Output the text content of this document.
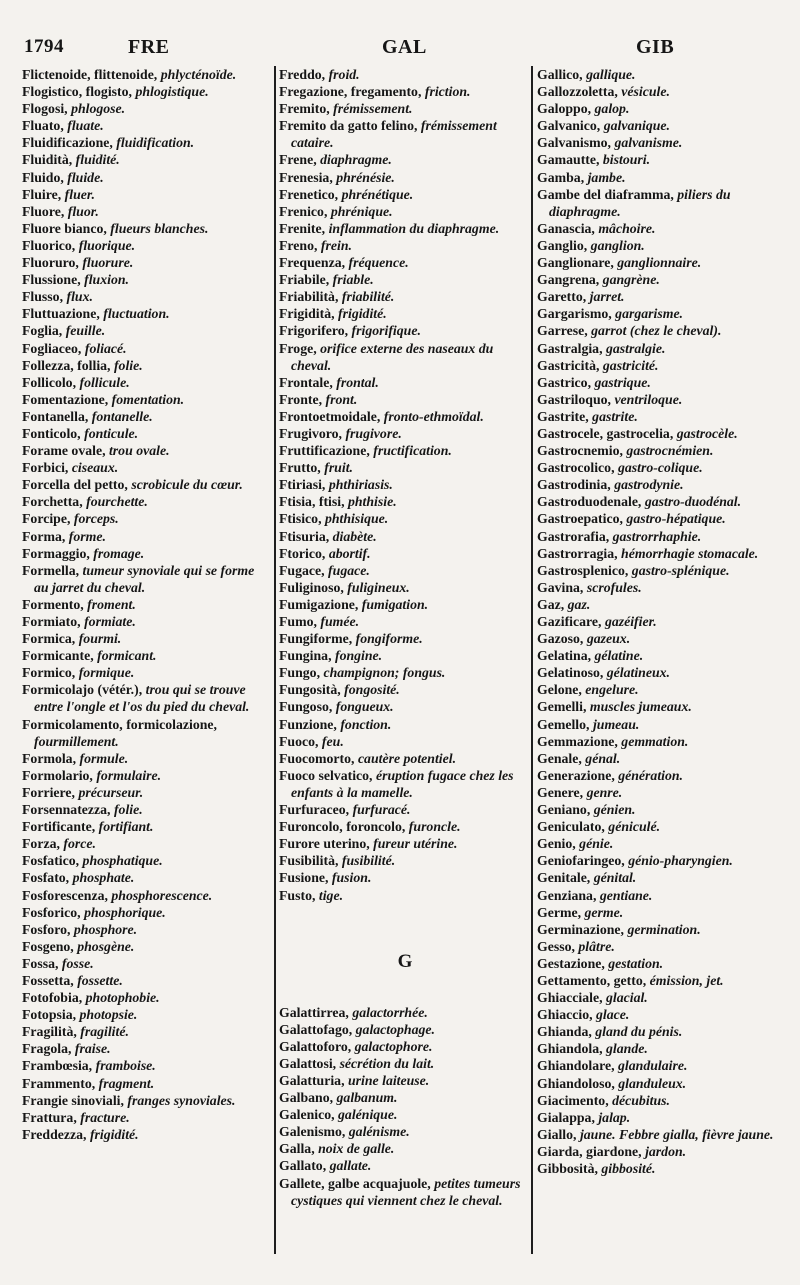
1794	FRE	GAL	GIB
Flictenoide, flittenoide, phlycténoïde.
Flogistico, flogisto, phlogistique.
Flogosi, phlogose.
Fluato, fluate.
Fluidificazione, fluidification.
Fluidità, fluidité.
Fluido, fluide.
Fluire, fluer.
Fluore, fluor.
Fluore bianco, flueurs blanches.
Fluorico, fluorique.
Fluoruro, fluorure.
Flussione, fluxion.
Flusso, flux.
Fluttuazione, fluctuation.
Foglia, feuille.
Fogliaceo, foliacé.
Follezza, follia, folie.
Follicolo, follicule.
Fomentazione, fomentation.
Fontanella, fontanelle.
Fonticolo, fonticule.
Forame ovale, trou ovale.
Forbici, ciseaux.
Forcella del petto, scrobicule du cœur.
Forchetta, fourchette.
Forcipe, forceps.
Forma, forme.
Formaggio, fromage.
Formella, tumeur synoviale qui se forme au jarret du cheval.
Formento, froment.
Formiato, formiate.
Formica, fourmi.
Formicante, formicant.
Formico, formique.
Formicolajo (vétér.), trou qui se trouve entre l'ongle et l'os du pied du cheval.
Formicolamento, formicolazione, fourmillement.
Formola, formule.
Formolario, formulaire.
Forriere, précurseur.
Forsennatezza, folie.
Fortificante, fortifiant.
Forza, force.
Fosfatico, phosphatique.
Fosfato, phosphate.
Fosforescenza, phosphorescence.
Fosforico, phosphorique.
Fosforo, phosphore.
Fosgeno, phosgène.
Fossa, fosse.
Fossetta, fossette.
Fotofobia, photophobie.
Fotopsia, photopsie.
Fragilità, fragilité.
Fragola, fraise.
Frambœsia, framboise.
Frammento, fragment.
Frangie sinoviali, franges synoviales.
Frattura, fracture.
Freddezza, frigidité.
Freddo, froid.
Fregazione, fregamento, friction.
Fremito, frémissement.
Fremito da gatto felino, frémissement cataire.
Frene, diaphragme.
Frenesia, phrénésie.
Frenetico, phrénétique.
Frenico, phrénique.
Frenite, inflammation du diaphragme.
Freno, frein.
Frequenza, fréquence.
Friabile, friable.
Friabilità, friabilité.
Frigidità, frigidité.
Frigorifero, frigorifique.
Froge, orifice externe des naseaux du cheval.
Frontale, frontal.
Fronte, front.
Frontoetmoidale, fronto-ethmoïdal.
Frugivoro, frugivore.
Fruttificazione, fructification.
Frutto, fruit.
Ftiriasi, phthiriasis.
Ftisia, ftisi, phthisie.
Ftisico, phthisique.
Ftisuria, diabète.
Ftorico, abortif.
Fugace, fugace.
Fuliginoso, fuligineux.
Fumigazione, fumigation.
Fumo, fumée.
Fungiforme, fongiforme.
Fungina, fongine.
Fungo, champignon; fongus.
Fungosità, fongosité.
Fungoso, fongueux.
Funzione, fonction.
Fuoco, feu.
Fuocomorto, cautère potentiel.
Fuoco selvatico, éruption fugace chez les enfants à la mamelle.
Furfuraceo, furfuracé.
Furoncolo, foroncolo, furoncle.
Furore uterino, fureur utérine.
Fusibilità, fusibilité.
Fusione, fusion.
Fusto, tige.
G
Galattirrea, galactorrhée.
Galattofago, galactophage.
Galattoforo, galactophore.
Galattosi, sécrétion du lait.
Galatturia, urine laiteuse.
Galbano, galbanum.
Galenico, galénique.
Galenismo, galénisme.
Galla, noix de galle.
Gallato, gallate.
Gallete, galbe acquajuole, petites tumeurs cystiques qui viennent chez le cheval.
Gallico, gallique.
Gallozzoletta, vésicule.
Galoppo, galop.
Galvanico, galvanique.
Galvanismo, galvanisme.
Gamautte, bistouri.
Gamba, jambe.
Gambe del diaframma, piliers du diaphragme.
Ganascia, mâchoire.
Ganglio, ganglion.
Ganglionare, ganglionnaire.
Gangrena, gangrène.
Garetto, jarret.
Gargarismo, gargarisme.
Garrese, garrot (chez le cheval).
Gastralgia, gastralgie.
Gastricità, gastricité.
Gastrico, gastrique.
Gastriloquo, ventriloque.
Gastrite, gastrite.
Gastrocele, gastrocelia, gastrocèle.
Gastrocnemio, gastrocnémien.
Gastrocolico, gastro-colique.
Gastrodinia, gastrodynie.
Gastroduodenale, gastro-duodénal.
Gastroepatico, gastro-hépatique.
Gastrorafia, gastrorrhaphie.
Gastrorragia, hémorrhagie stomacale.
Gastrosplenico, gastro-splénique.
Gavina, scrofules.
Gaz, gaz.
Gazificare, gazéifier.
Gazoso, gazeux.
Gelatina, gélatine.
Gelatinoso, gélatineux.
Gelone, engelure.
Gemelli, muscles jumeaux.
Gemello, jumeau.
Gemmazione, gemmation.
Genale, génal.
Generazione, génération.
Genere, genre.
Geniano, génien.
Geniculato, géniculé.
Genio, génie.
Geniofaringeo, génio-pharyngien.
Genitale, génital.
Genziana, gentiane.
Germe, germe.
Germinazione, germination.
Gesso, plâtre.
Gestazione, gestation.
Gettamento, getto, émission, jet.
Ghiacciale, glacial.
Ghiaccio, glace.
Ghianda, gland du pénis.
Ghiandola, glande.
Ghiandolare, glandulaire.
Ghiandoloso, glanduleux.
Giacimento, décubitus.
Gialappa, jalap.
Giallo, jaune. Febbre gialla, fièvre jaune.
Giarda, giardone, jardon.
Gibbosità, gibbosité.
